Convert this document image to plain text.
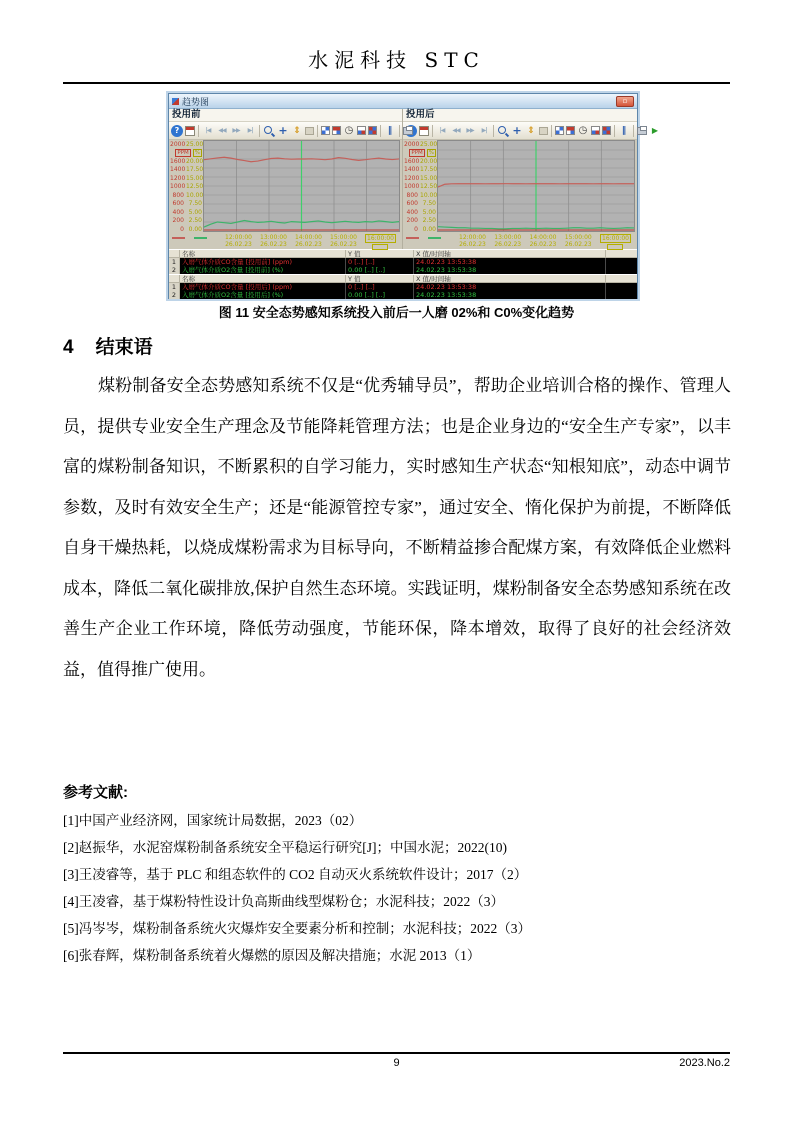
水泥科技 STC
趋势图	▫
投用前
?	|◀	◀◀	▶▶	▶|	+ ⇕	◷	‖
2000 25.00
PPM	%
1600 20.00
1400 17.50
1200 15.00
1000 12.50
800 10.00
600 7.50
400 5.00
200 2.50
0 0.00
12:00:00
26.02.23
13:00:00
26.02.23
14:00:00
26.02.23
15:00:00
26.02.23
16:00:00
投用后
|◀	◀◀	▶▶	▶|	+ ⇕	◷	‖	▶
2000 25.00
PPM	%
1600 20.00
1400 17.50
1200 15.00
1000 12.50
800 10.00
600 7.50
400 5.00
200 2.50
0 0.00
12:00:00
26.02.23
13:00:00
26.02.23
14:00:00
26.02.23
15:00:00
26.02.23
16:00:00
名称	Y 值	X 值/时间轴
1 入磨气体介质CO含量 [投用前] (ppm)	0 [..] [..]	24.02.23 13:53:38
2 入磨气体介质O2含量 [投用前] (%)	0.00 [..] [..]	24.02.23 13:53:38
名称	Y 值	X 值/时间轴
1 入磨气体介质CO含量 [投用后] (ppm)	0 [..] [..]	24.02.23 13:53:38
2 入磨气体介质O2含量 [投用后] (%)	0.00 [..] [..]	24.02.23 13:53:38
图 11 安全态势感知系统投入前后一人磨 02%和 C0%变化趋势
4 结束语
煤粉制备安全态势感知系统不仅是“优秀辅导员”，帮助企业培训合格的操作、管理人员，提供专业安全生产理念及节能降耗管理方法；也是企业身边的“安全生产专家”，以丰富的煤粉制备知识，不断累积的自学习能力，实时感知生产状态“知根知底”，动态中调节参数，及时有效安全生产；还是“能源管控专家”，通过安全、惰化保护为前提，不断降低自身干燥热耗，以烧成煤粉需求为目标导向，不断精益掺合配煤方案，有效降低企业燃料成本，降低二氧化碳排放,保护自然生态环境。实践证明，煤粉制备安全态势感知系统在改善生产企业工作环境，降低劳动强度，节能环保，降本增效，取得了良好的社会经济效益，值得推广使用。
参考文献:
[1]中国产业经济网，国家统计局数据，2023（02）
[2]赵振华，水泥窑煤粉制备系统安全平稳运行研究[J]；中国水泥；2022(10)
[3]王凌睿等，基于 PLC 和组态软件的 CO2 自动灭火系统软件设计；2017（2）
[4]王凌睿，基于煤粉特性设计负高斯曲线型煤粉仓；水泥科技；2022（3）
[5]冯岑岑，煤粉制备系统火灾爆炸安全要素分析和控制；水泥科技；2022（3）
[6]张春辉，煤粉制备系统着火爆燃的原因及解决措施；水泥 2013（1）
9	2023.No.2
